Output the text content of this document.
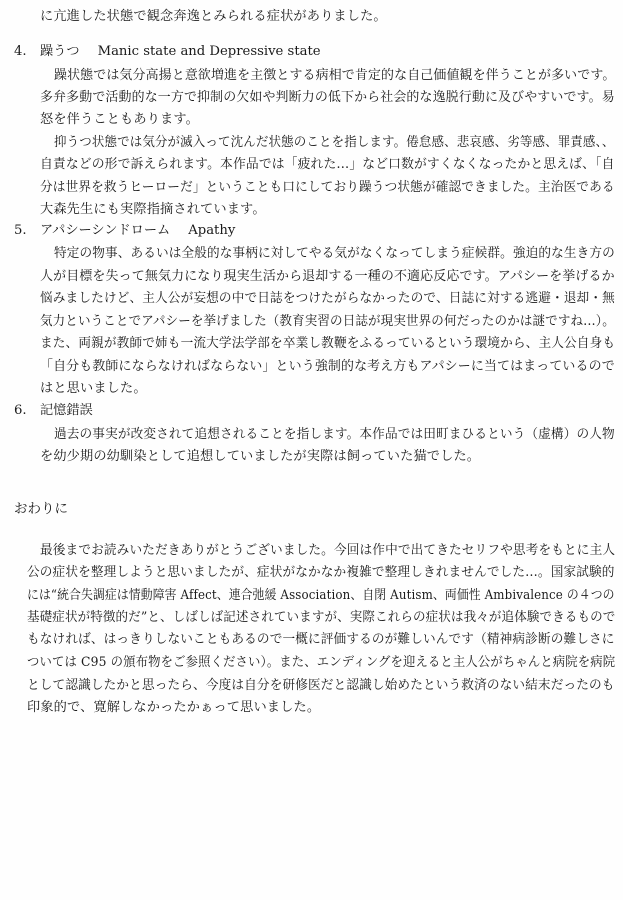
に亢進した状態で観念奔逸とみられる症状がありました。
4. 躁うつ Manic state and Depressive state
躁状態では気分高揚と意欲増進を主徴とする病相で肯定的な自己価値観を伴うことが多いです。
多弁多動で活動的な一方で抑制の欠如や判断力の低下から社会的な逸脱行動に及びやすいです。易
怒を伴うこともあります。
抑うつ状態では気分が滅入って沈んだ状態のことを指します。倦怠感、悲哀感、劣等感、罪責感、、
自責などの形で訴えられます。本作品では「疲れた…」など口数がすくなくなったかと思えば、「自
分は世界を救うヒーローだ」ということも口にしており躁うつ状態が確認できました。主治医である
大森先生にも実際指摘されています。
5. アパシーシンドローム Apathy
特定の物事、あるいは全般的な事柄に対してやる気がなくなってしまう症候群。強迫的な生き方の
人が目標を失って無気力になり現実生活から退却する一種の不適応反応です。アパシーを挙げるか
悩みましたけど、主人公が妄想の中で日誌をつけたがらなかったので、日誌に対する逃避・退却・無
気力ということでアパシーを挙げました（教育実習の日誌が現実世界の何だったのかは謎ですね…）。
また、両親が教師で姉も一流大学法学部を卒業し教鞭をふるっているという環境から、主人公自身も
「自分も教師にならなければならない」という強制的な考え方もアパシーに当てはまっているので
はと思いました。
6. 記憶錯誤
過去の事実が改変されて追想されることを指します。本作品では田町まひるという（虚構）の人物
を幼少期の幼馴染として追想していましたが実際は飼っていた猫でした。
おわりに
最後までお読みいただきありがとうございました。今回は作中で出てきたセリフや思考をもとに主人
公の症状を整理しようと思いましたが、症状がなかなか複雑で整理しきれませんでした…。国家試験的
には“統合失調症は情動障害 Affect、連合弛緩 Association、自閉 Autism、両価性 Ambivalence の４つの
基礎症状が特徴的だ”と、しばしば記述されていますが、実際これらの症状は我々が追体験できるもので
もなければ、はっきりしないこともあるので一概に評価するのが難しいんです（精神病診断の難しさに
ついては C95 の頒布物をご参照ください）。また、エンディングを迎えると主人公がちゃんと病院を病院
として認識したかと思ったら、今度は自分を研修医だと認識し始めたという救済のない結末だったのも
印象的で、寛解しなかったかぁって思いました。
